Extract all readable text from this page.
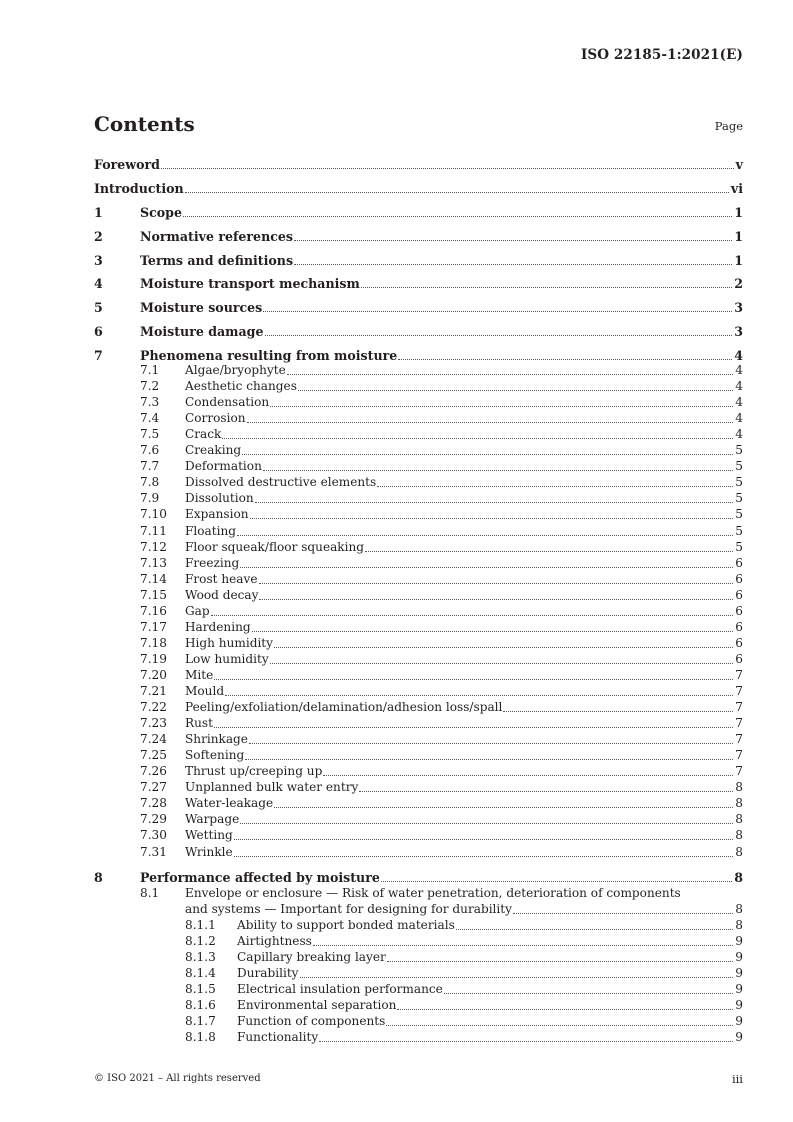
ISO 22185-1:2021(E)
Contents	Page
Foreword	v
Introduction	vi
1	Scope	1
2	Normative references	1
3	Terms and definitions	1
4	Moisture transport mechanism	2
5	Moisture sources	3
6	Moisture damage	3
7	Phenomena resulting from moisture	4
7.1 Algae/bryophyte	4
7.2 Aesthetic changes	4
7.3 Condensation	4
7.4 Corrosion	4
7.5 Crack	4
7.6 Creaking	5
7.7 Deformation	5
7.8 Dissolved destructive elements	5
7.9 Dissolution	5
7.10 Expansion	5
7.11 Floating	5
7.12 Floor squeak/floor squeaking	5
7.13 Freezing	6
7.14 Frost heave	6
7.15 Wood decay	6
7.16 Gap	6
7.17 Hardening	6
7.18 High humidity	6
7.19 Low humidity	6
7.20 Mite	7
7.21 Mould	7
7.22 Peeling/exfoliation/delamination/adhesion loss/spall	7
7.23 Rust	7
7.24 Shrinkage	7
7.25 Softening	7
7.26 Thrust up/creeping up	7
7.27 Unplanned bulk water entry	8
7.28 Water-leakage	8
7.29 Warpage	8
7.30 Wetting	8
7.31 Wrinkle	8
8	Performance affected by moisture	8
8.1 Envelope or enclosure — Risk of water penetration, deterioration of components
and systems — Important for designing for durability	8
8.1.1 Ability to support bonded materials	8
8.1.2 Airtightness	9
8.1.3 Capillary breaking layer	9
8.1.4 Durability	9
8.1.5 Electrical insulation performance	9
8.1.6 Environmental separation	9
8.1.7 Function of components	9
8.1.8 Functionality	9
© ISO 2021 – All rights reserved	iii
